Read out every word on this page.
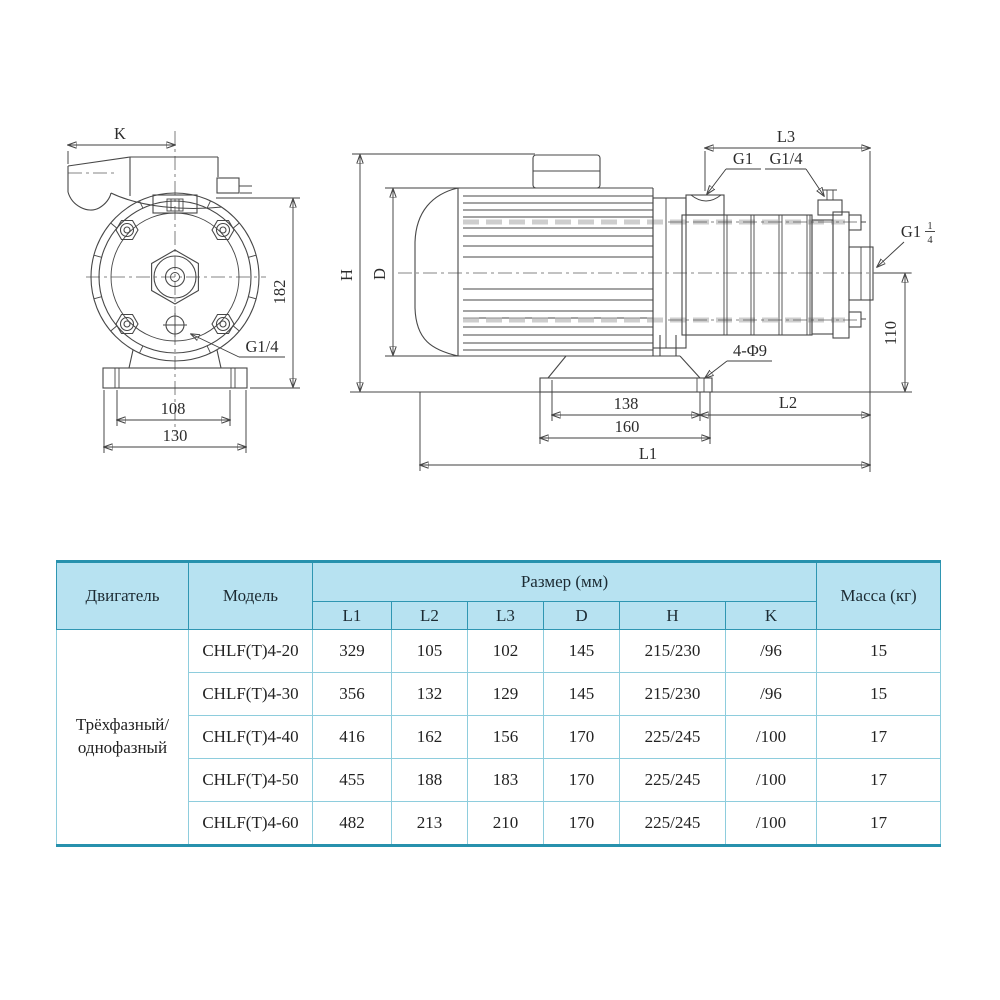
K
182
G1/4
108
130
H D
L3
G1 G1/4
G1 1
4
110
4-Φ9
138	L2
160
L1
Двигатель	Модель	Размер (мм)						Масса (кг)
		L1	L2	L3	D	H	K	
Трёхфазный/
однофазный	CHLF(T)4-20	329	105	102	145	215/230	/96	15
	CHLF(T)4-30	356	132	129	145	215/230	/96	15
	CHLF(T)4-40	416	162	156	170	225/245	/100	17
	CHLF(T)4-50	455	188	183	170	225/245	/100	17
	CHLF(T)4-60	482	213	210	170	225/245	/100	17
